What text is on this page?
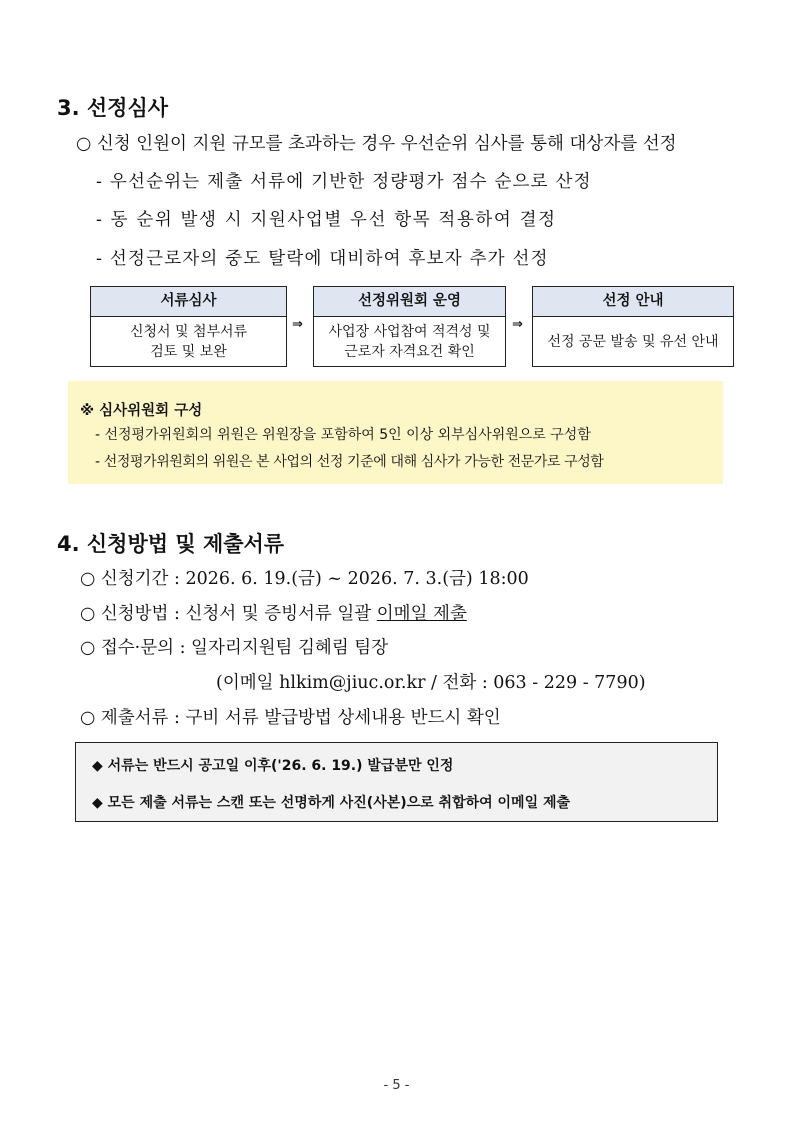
3. 선정심사
○ 신청 인원이 지원 규모를 초과하는 경우 우선순위 심사를 통해 대상자를 선정
- 우선순위는 제출 서류에 기반한 정량평가 점수 순으로 산정
- 동 순위 발생 시 지원사업별 우선 항목 적용하여 결정
- 선정근로자의 중도 탈락에 대비하여 후보자 추가 선정
서류심사
신청서 및 첨부서류
검토 및 보완
⇒
선정위원회 운영
사업장 사업참여 적격성 및
근로자 자격요건 확인
⇒
선정 안내
선정 공문 발송 및 유선 안내
※ 심사위원회 구성
- 선정평가위원회의 위원은 위원장을 포함하여 5인 이상 외부심사위원으로 구성함
- 선정평가위원회의 위원은 본 사업의 선정 기준에 대해 심사가 가능한 전문가로 구성함
4. 신청방법 및 제출서류
○ 신청기간 : 2026. 6. 19.(금) ~ 2026. 7. 3.(금) 18:00
○ 신청방법 : 신청서 및 증빙서류 일괄 이메일 제출
○ 접수·문의 : 일자리지원팀 김혜림 팀장
(이메일 hlkim@jiuc.or.kr / 전화 : 063 - 229 - 7790)
○ 제출서류 : 구비 서류 발급방법 상세내용 반드시 확인
◆ 서류는 반드시 공고일 이후('26. 6. 19.) 발급분만 인정
◆ 모든 제출 서류는 스캔 또는 선명하게 사진(사본)으로 취합하여 이메일 제출
- 5 -
